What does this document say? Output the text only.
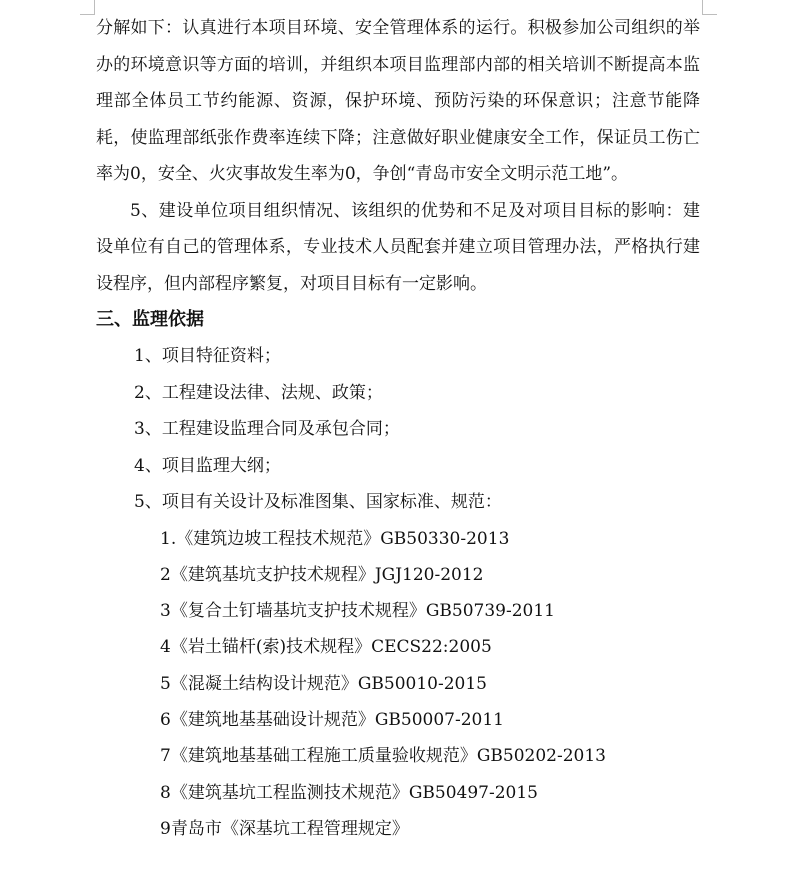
分解如下：认真进行本项目环境、安全管理体系的运行。积极参加公司组织的举办的环境意识等方面的培训，并组织本项目监理部内部的相关培训不断提高本监理部全体员工节约能源、资源，保护环境、预防污染的环保意识；注意节能降耗，使监理部纸张作费率连续下降；注意做好职业健康安全工作，保证员工伤亡率为0，安全、火灾事故发生率为0，争创“青岛市安全文明示范工地”。

5、建设单位项目组织情况、该组织的优势和不足及对项目目标的影响：建设单位有自己的管理体系，专业技术人员配套并建立项目管理办法，严格执行建设程序，但内部程序繁复，对项目目标有一定影响。

三、监理依据

1、项目特征资料；

2、工程建设法律、法规、政策；

3、工程建设监理合同及承包合同；

4、项目监理大纲；

5、项目有关设计及标准图集、国家标准、规范：

1.《建筑边坡工程技术规范》GB50330-2013

2《建筑基坑支护技术规程》JGJ120-2012

3《复合土钉墙基坑支护技术规程》GB50739-2011

4《岩土锚杆(索)技术规程》CECS22:2005

5《混凝土结构设计规范》GB50010-2015

6《建筑地基基础设计规范》GB50007-2011

7《建筑地基基础工程施工质量验收规范》GB50202-2013

8《建筑基坑工程监测技术规范》GB50497-2015

9青岛市《深基坑工程管理规定》
